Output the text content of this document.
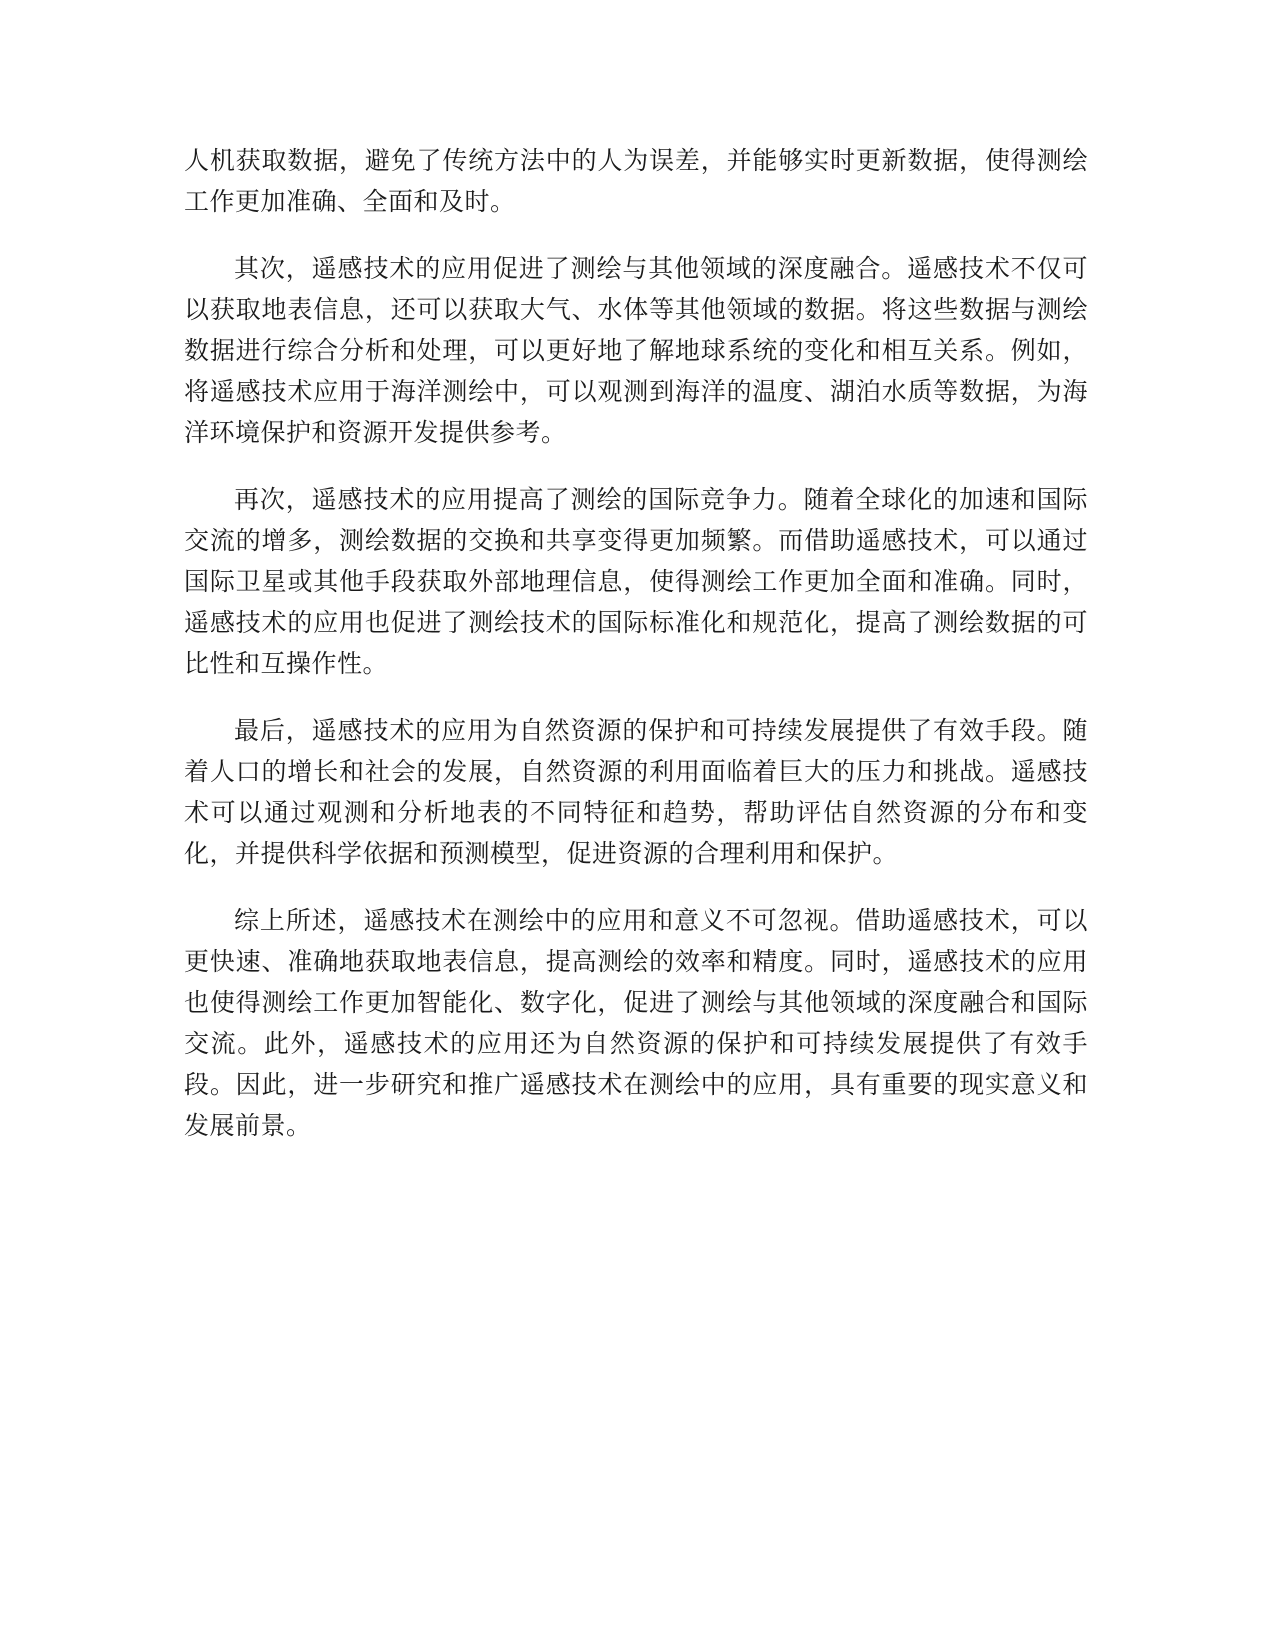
人机获取数据，避免了传统方法中的人为误差，并能够实时更新数据，使得测绘工作更加准确、全面和及时。

其次，遥感技术的应用促进了测绘与其他领域的深度融合。遥感技术不仅可以获取地表信息，还可以获取大气、水体等其他领域的数据。将这些数据与测绘数据进行综合分析和处理，可以更好地了解地球系统的变化和相互关系。例如，将遥感技术应用于海洋测绘中，可以观测到海洋的温度、湖泊水质等数据，为海洋环境保护和资源开发提供参考。

再次，遥感技术的应用提高了测绘的国际竞争力。随着全球化的加速和国际交流的增多，测绘数据的交换和共享变得更加频繁。而借助遥感技术，可以通过国际卫星或其他手段获取外部地理信息，使得测绘工作更加全面和准确。同时，遥感技术的应用也促进了测绘技术的国际标准化和规范化，提高了测绘数据的可比性和互操作性。

最后，遥感技术的应用为自然资源的保护和可持续发展提供了有效手段。随着人口的增长和社会的发展，自然资源的利用面临着巨大的压力和挑战。遥感技术可以通过观测和分析地表的不同特征和趋势，帮助评估自然资源的分布和变化，并提供科学依据和预测模型，促进资源的合理利用和保护。

综上所述，遥感技术在测绘中的应用和意义不可忽视。借助遥感技术，可以更快速、准确地获取地表信息，提高测绘的效率和精度。同时，遥感技术的应用也使得测绘工作更加智能化、数字化，促进了测绘与其他领域的深度融合和国际交流。此外，遥感技术的应用还为自然资源的保护和可持续发展提供了有效手段。因此，进一步研究和推广遥感技术在测绘中的应用，具有重要的现实意义和发展前景。
